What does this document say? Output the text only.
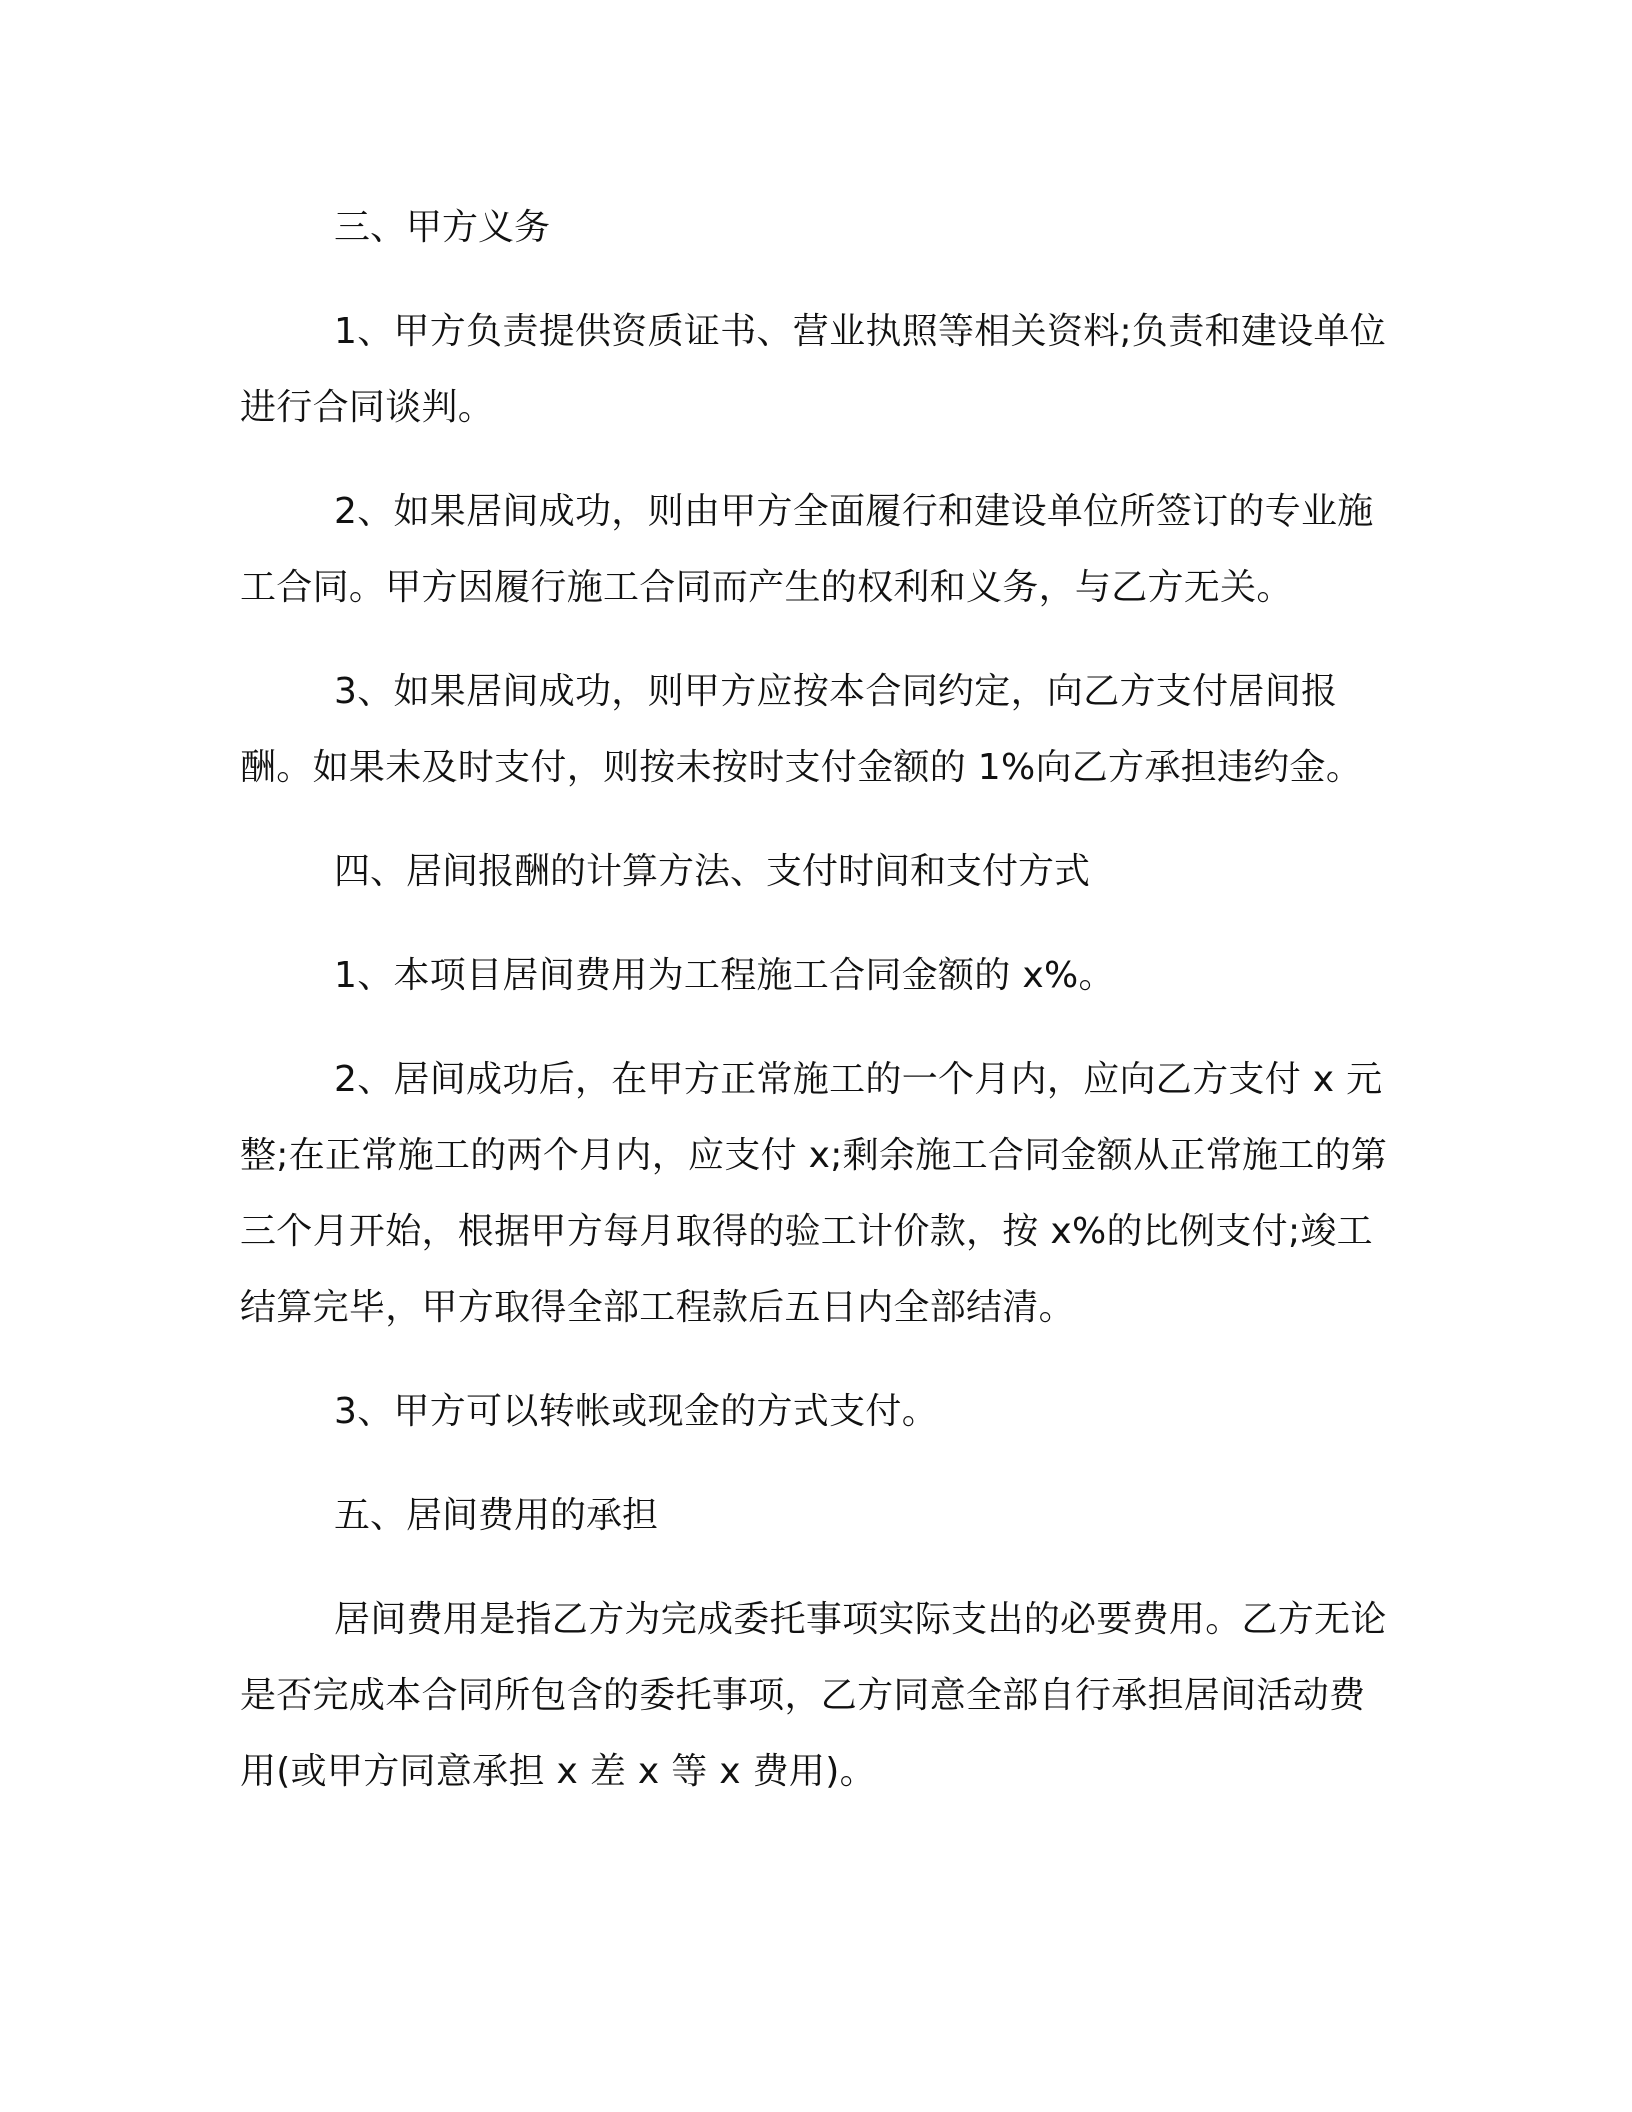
三、甲方义务

1、甲方负责提供资质证书、营业执照等相关资料;负责和建设单位进行合同谈判。

2、如果居间成功，则由甲方全面履行和建设单位所签订的专业施工合同。甲方因履行施工合同而产生的权利和义务，与乙方无关。

3、如果居间成功，则甲方应按本合同约定，向乙方支付居间报酬。如果未及时支付，则按未按时支付金额的 1%向乙方承担违约金。

四、居间报酬的计算方法、支付时间和支付方式

1、本项目居间费用为工程施工合同金额的 x%。

2、居间成功后，在甲方正常施工的一个月内，应向乙方支付 x 元整;在正常施工的两个月内，应支付 x;剩余施工合同金额从正常施工的第三个月开始，根据甲方每月取得的验工计价款，按 x%的比例支付;竣工结算完毕，甲方取得全部工程款后五日内全部结清。

3、甲方可以转帐或现金的方式支付。

五、居间费用的承担

居间费用是指乙方为完成委托事项实际支出的必要费用。乙方无论是否完成本合同所包含的委托事项，乙方同意全部自行承担居间活动费用(或甲方同意承担 x 差 x 等 x 费用)。
